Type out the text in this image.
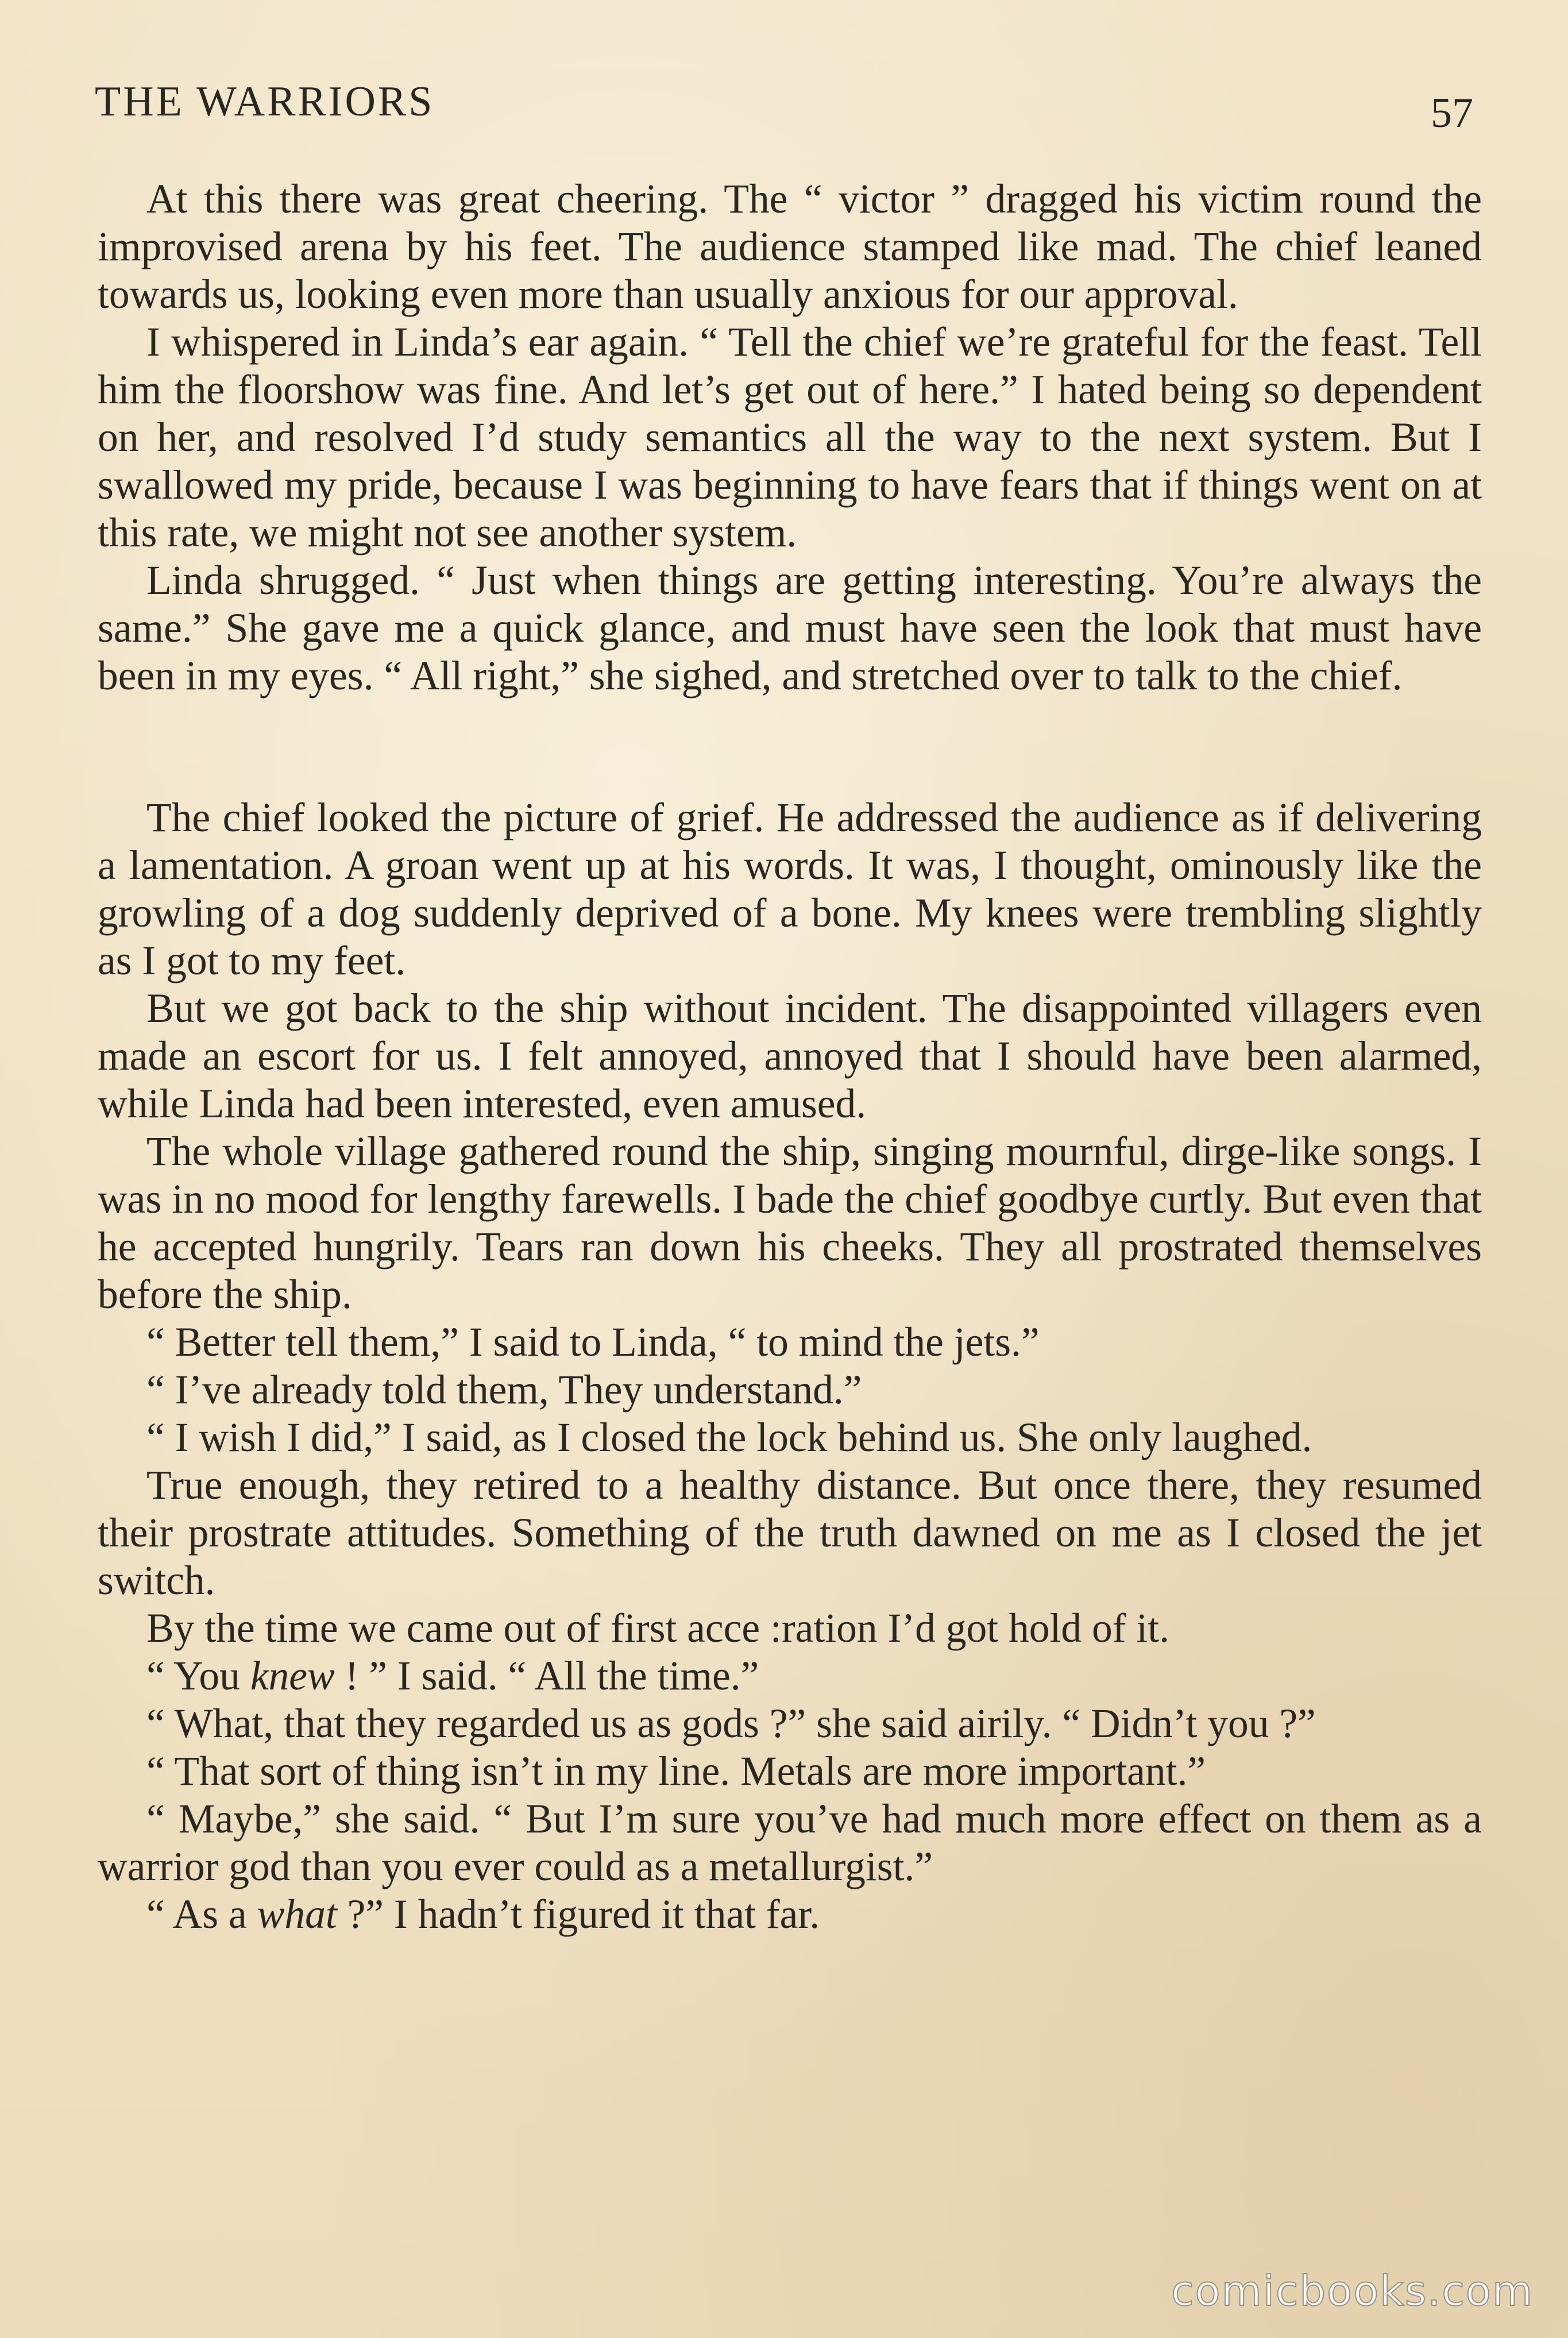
THE WARRIORS	57

At this there was great cheering. The “ victor ” dragged his victim round the improvised arena by his feet. The audience stamped like mad. The chief leaned towards us, looking even more than usually anxious for our approval.

I whispered in Linda’s ear again. “ Tell the chief we’re grateful for the feast. Tell him the floorshow was fine. And let’s get out of here.” I hated being so dependent on her, and resolved I’d study semantics all the way to the next system. But I swallowed my pride, because I was beginning to have fears that if things went on at this rate, we might not see another system.

Linda shrugged. “ Just when things are getting interesting. You’re always the same.” She gave me a quick glance, and must have seen the look that must have been in my eyes. “ All right,” she sighed, and stretched over to talk to the chief.

The chief looked the picture of grief. He addressed the audience as if delivering a lamentation. A groan went up at his words. It was, I thought, ominously like the growling of a dog suddenly deprived of a bone. My knees were trembling slightly as I got to my feet.

But we got back to the ship without incident. The disappointed villagers even made an escort for us. I felt annoyed, annoyed that I should have been alarmed, while Linda had been interested, even amused.

The whole village gathered round the ship, singing mournful, dirge-like songs. I was in no mood for lengthy farewells. I bade the chief goodbye curtly. But even that he accepted hungrily. Tears ran down his cheeks. They all prostrated themselves before the ship.

“ Better tell them,” I said to Linda, “ to mind the jets.”

“ I’ve already told them, They understand.”

“ I wish I did,” I said, as I closed the lock behind us. She only laughed.

True enough, they retired to a healthy distance. But once there, they resumed their prostrate attitudes. Something of the truth dawned on me as I closed the jet switch.

By the time we came out of first acce :ration I’d got hold of it.

“ You knew ! ” I said. “ All the time.”

“ What, that they regarded us as gods ?” she said airily. “ Didn’t you ?”

“ That sort of thing isn’t in my line. Metals are more important.”

“ Maybe,” she said. “ But I’m sure you’ve had much more effect on them as a warrior god than you ever could as a metallurgist.”

“ As a what ?” I hadn’t figured it that far.

comicbooks.com
